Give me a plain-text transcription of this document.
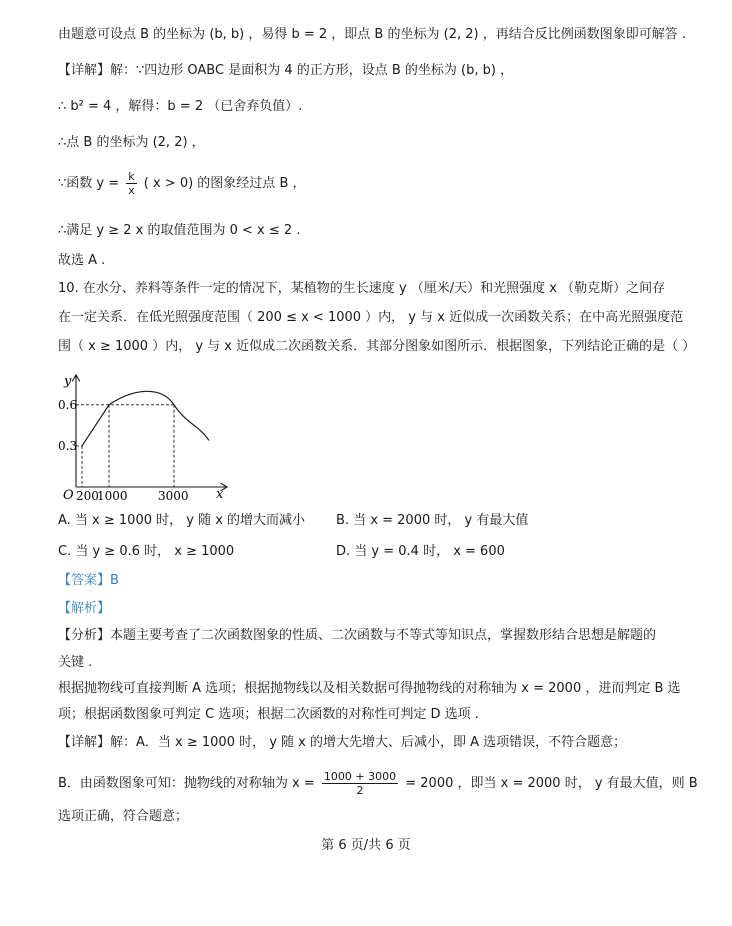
由题意可设点 B 的坐标为 (b, b) ，易得 b = 2 ，即点 B 的坐标为 (2, 2) ，再结合反比例函数图象即可解答 .
【详解】解：∵四边形 OABC 是面积为 4 的正方形，设点 B 的坐标为 (b, b) ，
∴ b² = 4 ，解得：b = 2 （已舍弃负值）.
∴点 B 的坐标为 (2, 2) ，
∵函数 $y = \frac{k}{x}$ ( x > 0) 的图象经过点 B ，
∴满足 y ≥ 2 x 的取值范围为 0 < x ≤ 2 .
故选 A .
10. 在水分、养料等条件一定的情况下，某植物的生长速度 y （厘米/天）和光照强度 x （勒克斯）之间存
在一定关系．在低光照强度范围（ 200 ≤ x < 1000 ）内， y 与 x 近似成一次函数关系；在中高光照强度范
围（ x ≥ 1000 ）内， y 与 x 近似成二次函数关系．其部分图象如图所示．根据图象，下列结论正确的是（ ）
y
x
O
0.3
0.6
200
1000	3000
A. 当 x ≥ 1000 时， y 随 x 的增大而减小 B. 当 x = 2000 时， y 有最大值
C. 当 y ≥ 0.6 时， x ≥ 1000	D. 当 y = 0.4 时， x = 600
【答案】B
【解析】
【分析】本题主要考查了二次函数图象的性质、二次函数与不等式等知识点，掌握数形结合思想是解题的
关键 .
根据抛物线可直接判断 A 选项；根据抛物线以及相关数据可得抛物线的对称轴为 x = 2000 ，进而判定 B 选
项；根据函数图象可判定 C 选项；根据二次函数的对称性可判定 D 选项 .
【详解】解：A．当 x ≥ 1000 时， y 随 x 的增大先增大、后减小，即 A 选项错误，不符合题意；
B．由函数图象可知：抛物线的对称轴为 $x = \frac{1000 + 3000}{2} = 2000$ ，即当 x = 2000 时， y 有最大值，则 B
选项正确，符合题意；
第 6 页/共 6 页
